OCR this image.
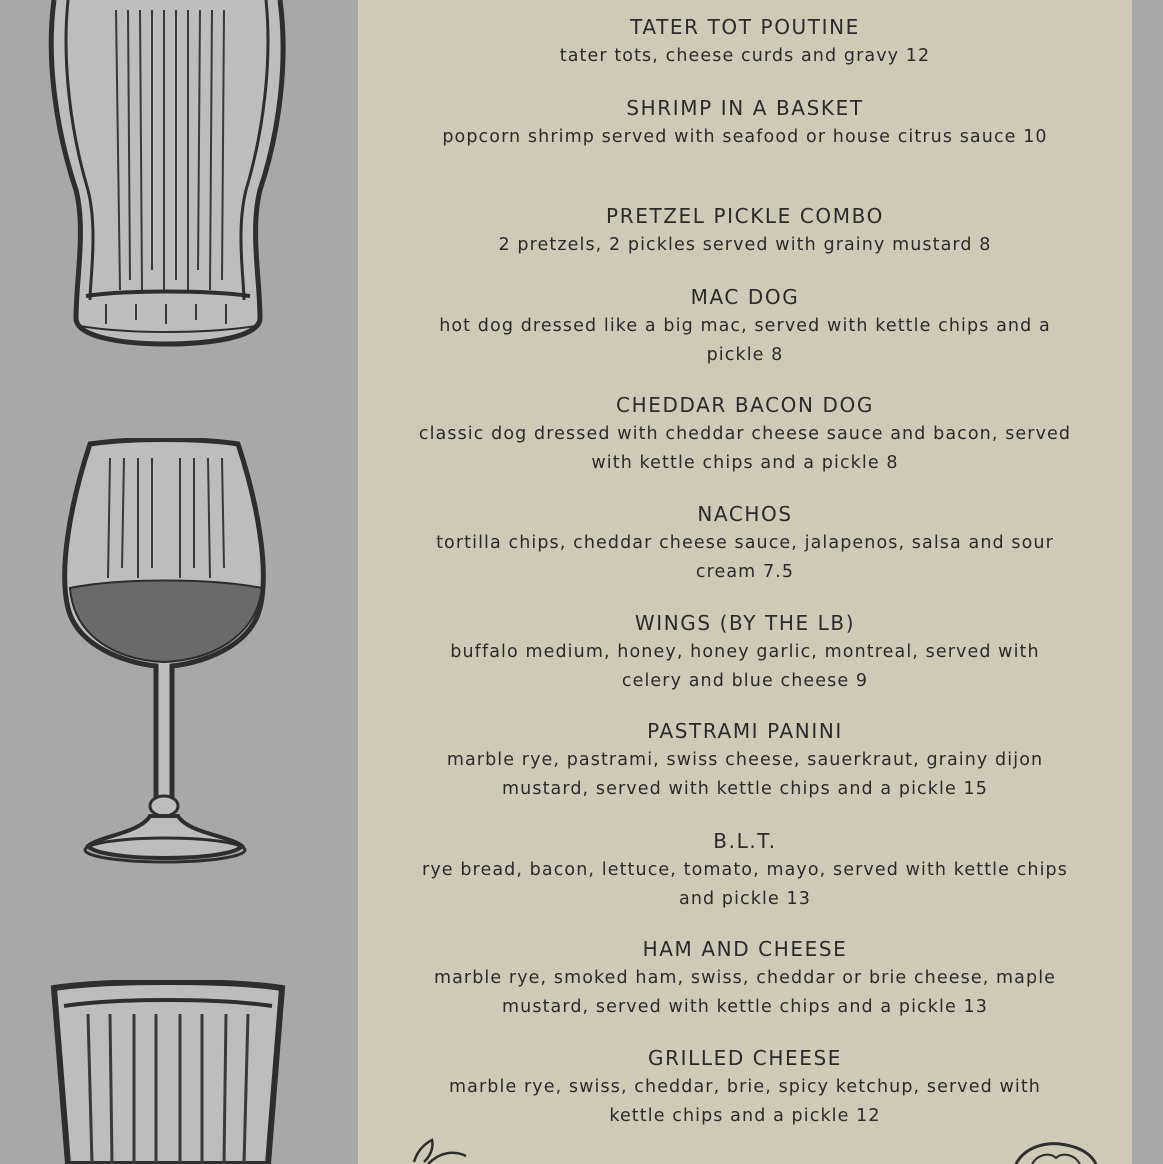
TATER TOT POUTINE

tater tots, cheese curds and gravy 12

SHRIMP IN A BASKET

popcorn shrimp served with seafood or house citrus sauce 10

PRETZEL PICKLE COMBO

2 pretzels, 2 pickles served with grainy mustard 8

MAC DOG

hot dog dressed like a big mac, served with kettle chips and a pickle 8

CHEDDAR BACON DOG

classic dog dressed with cheddar cheese sauce and bacon, served with kettle chips and a pickle 8

NACHOS

tortilla chips, cheddar cheese sauce, jalapenos, salsa and sour cream 7.5

WINGS (BY THE LB)

buffalo medium, honey, honey garlic, montreal, served with celery and blue cheese 9

PASTRAMI PANINI

marble rye, pastrami, swiss cheese, sauerkraut, grainy dijon mustard, served with kettle chips and a pickle 15

B.L.T.

rye bread, bacon, lettuce, tomato, mayo, served with kettle chips and pickle 13

HAM AND CHEESE

marble rye, smoked ham, swiss, cheddar or brie cheese, maple mustard, served with kettle chips and a pickle 13

GRILLED CHEESE

marble rye, swiss, cheddar, brie, spicy ketchup, served with kettle chips and a pickle 12
